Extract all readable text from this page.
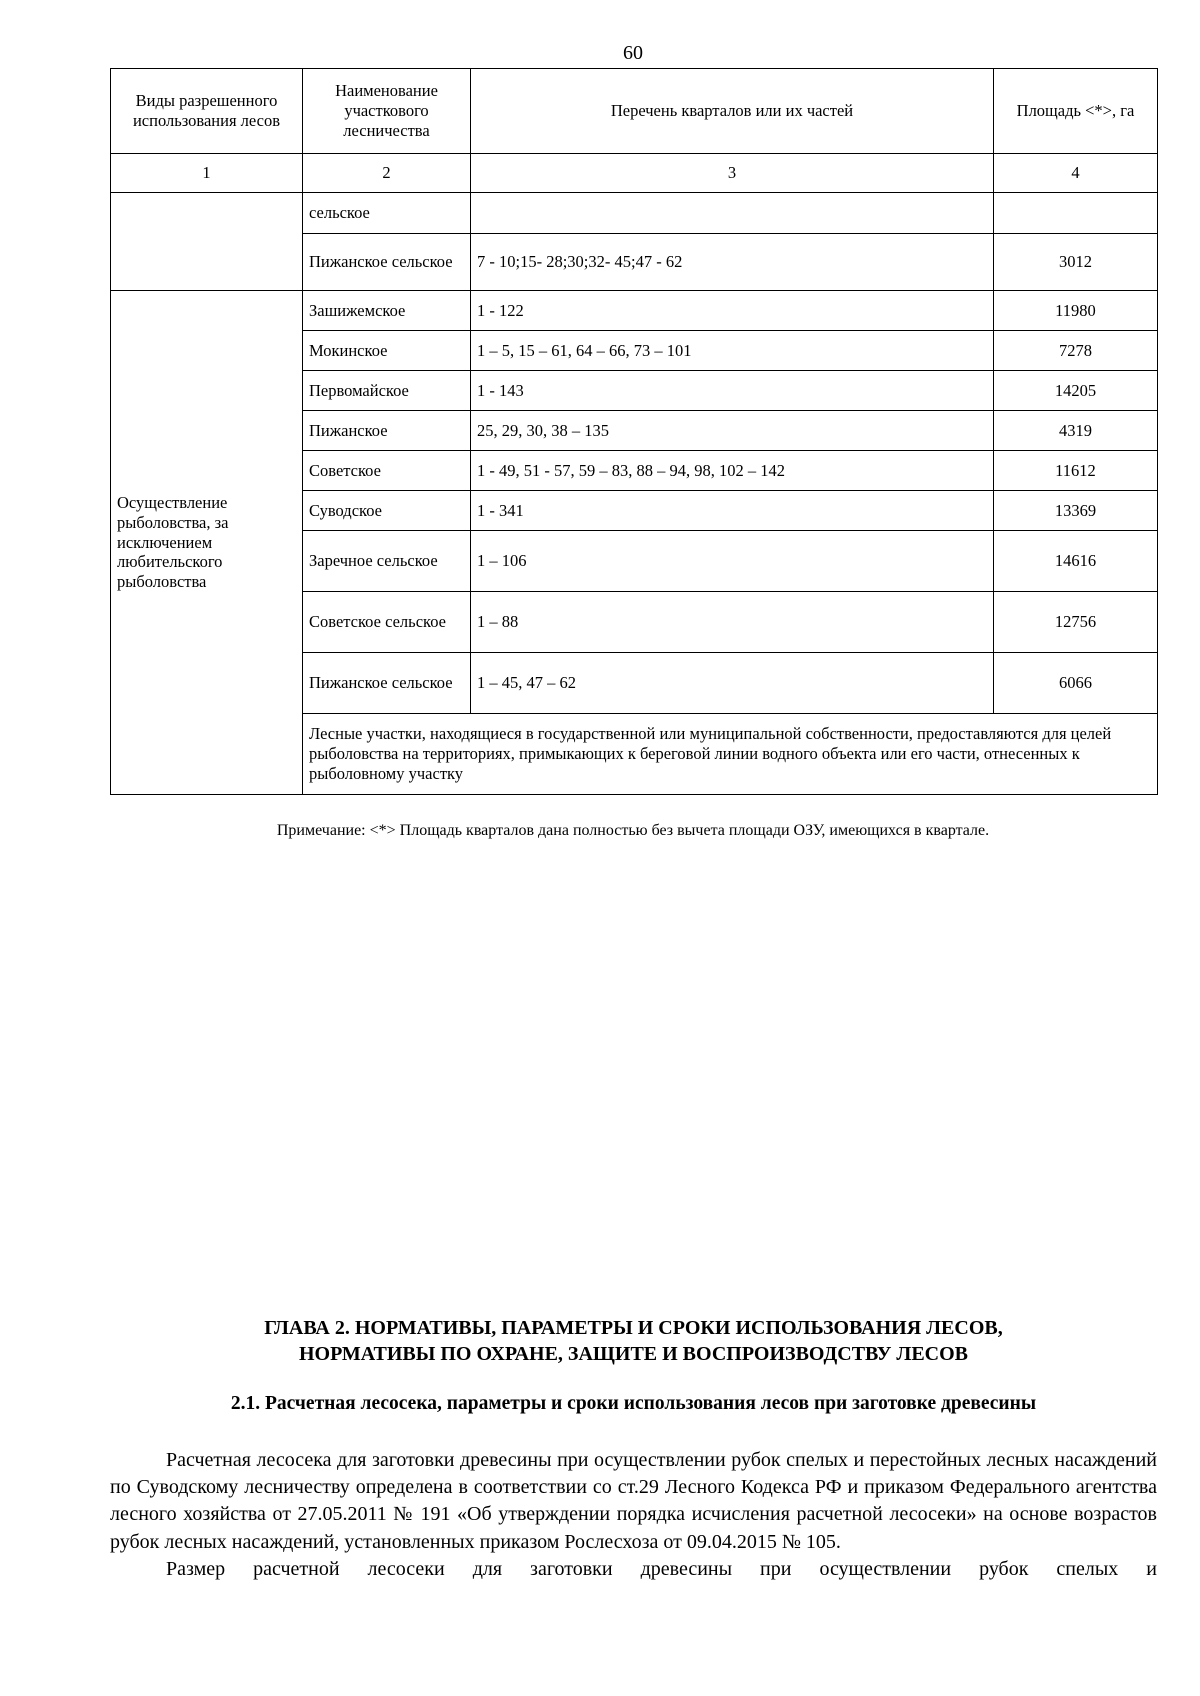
60
Виды разрешенного использования лесов	Наименование участкового лесничества	Перечень кварталов или их частей	Площадь <*>, га
1	2	3	4
	сельское		
	Пижанское сельское	7 - 10;15- 28;30;32- 45;47 - 62	3012
Осуществление рыболовства, за исключением любительского рыболовства	Зашижемское	1 - 122	11980
	Мокинское	1 – 5, 15 – 61, 64 – 66, 73 – 101	7278
	Первомайское	1 - 143	14205
	Пижанское	25, 29, 30, 38 – 135	4319
	Советское	1 - 49, 51 - 57, 59 – 83, 88 – 94, 98, 102 – 142	11612
	Суводское	1 - 341	13369
	Заречное сельское	1 – 106	14616
	Советское сельское	1 – 88	12756
	Пижанское сельское	1 – 45, 47 – 62	6066
	Лесные участки, находящиеся в государственной или муниципальной собственности, предоставляются для целей рыболовства на территориях, примыкающих к береговой линии водного объекта или его части, отнесенных к рыболовному участку		
Примечание: <*> Площадь кварталов дана полностью без вычета площади ОЗУ, имеющихся в квартале.
ГЛАВА 2. НОРМАТИВЫ, ПАРАМЕТРЫ И СРОКИ ИСПОЛЬЗОВАНИЯ ЛЕСОВ,
НОРМАТИВЫ ПО ОХРАНЕ, ЗАЩИТЕ И ВОСПРОИЗВОДСТВУ ЛЕСОВ
2.1. Расчетная лесосека, параметры и сроки использования лесов при заготовке древесины

Расчетная лесосека для заготовки древесины при осуществлении рубок спелых и перестойных лесных насаждений по Суводскому лесничеству определена в соответствии со ст.29 Лесного Кодекса РФ и приказом Федерального агентства лесного хозяйства от 27.05.2011 № 191 «Об утверждении порядка исчисления расчетной лесосеки» на основе возрастов рубок лесных насаждений, установленных приказом Рослесхоза от 09.04.2015 № 105.

Размер расчетной лесосеки для заготовки древесины при осуществлении рубок спелых и
